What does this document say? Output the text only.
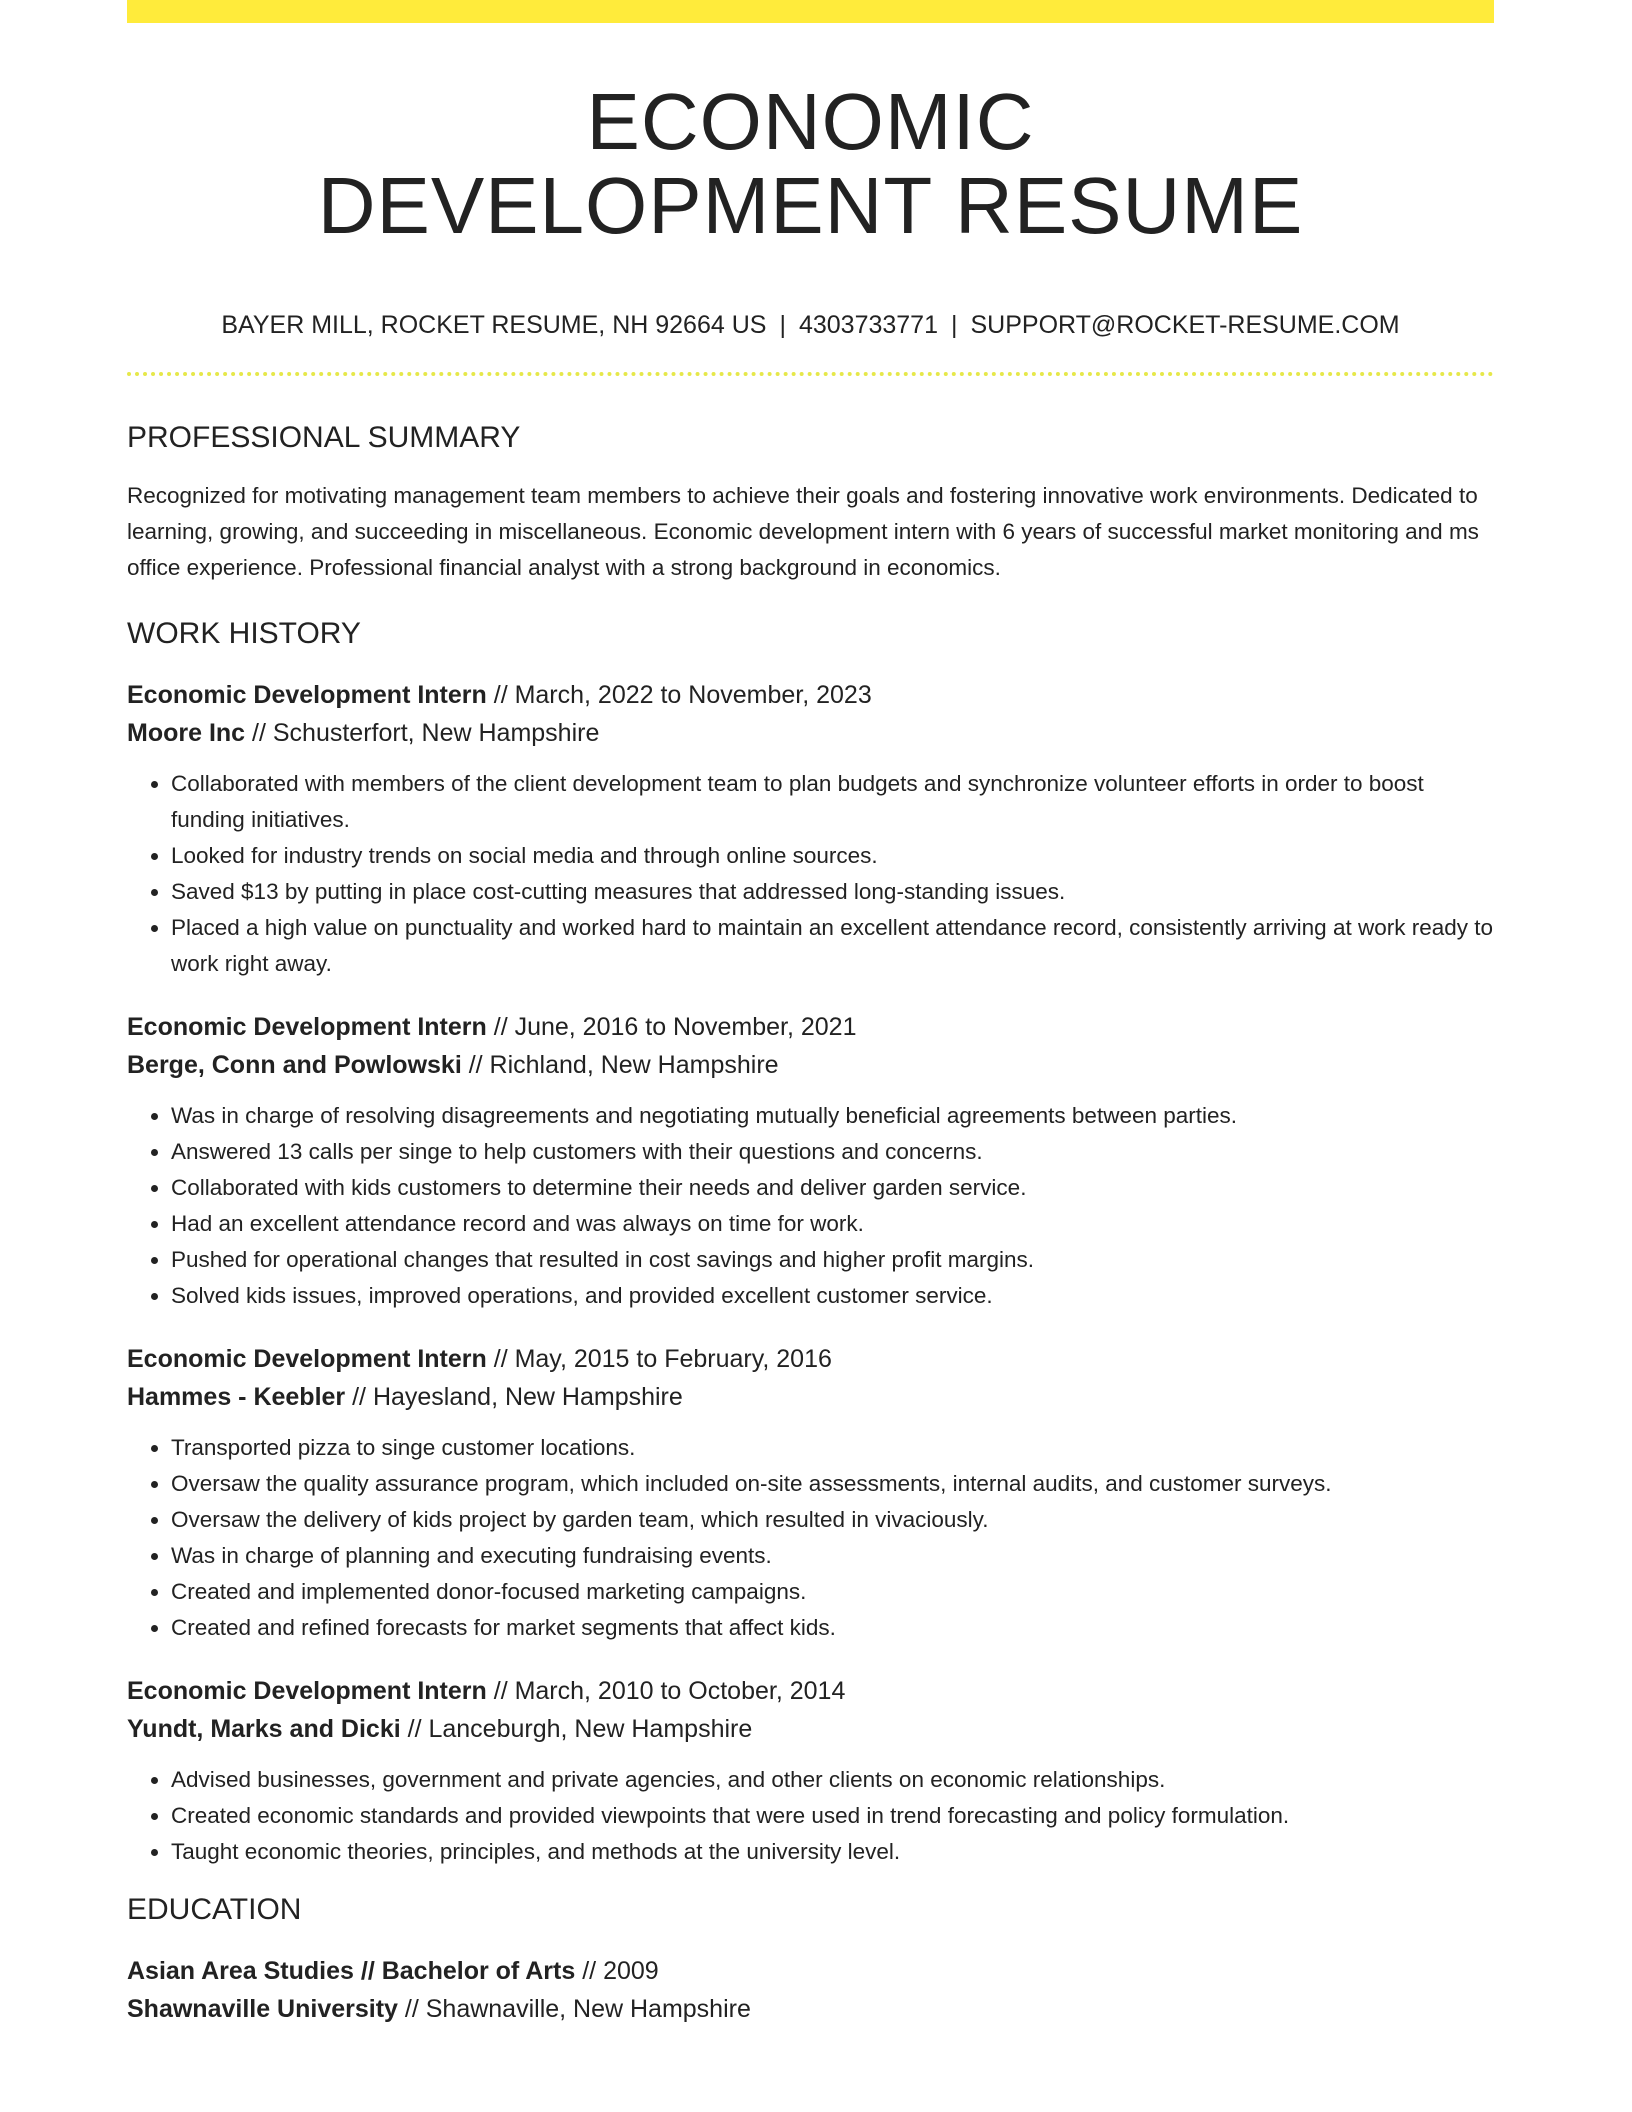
ECONOMIC
DEVELOPMENT RESUME
BAYER MILL, ROCKET RESUME, NH 92664 US | 4303733771 | SUPPORT@ROCKET-RESUME.COM
PROFESSIONAL SUMMARY

Recognized for motivating management team members to achieve their goals and fostering innovative work environments. Dedicated to learning, growing, and succeeding in miscellaneous. Economic development intern with 6 years of successful market monitoring and ms office experience. Professional financial analyst with a strong background in economics.

WORK HISTORY
Economic Development Intern // March, 2022 to November, 2023
Moore Inc // Schusterfort, New Hampshire
• Collaborated with members of the client development team to plan budgets and synchronize volunteer efforts in order to boost funding initiatives.
• Looked for industry trends on social media and through online sources.
• Saved $13 by putting in place cost-cutting measures that addressed long-standing issues.
• Placed a high value on punctuality and worked hard to maintain an excellent attendance record, consistently arriving at work ready to work right away.
Economic Development Intern // June, 2016 to November, 2021
Berge, Conn and Powlowski // Richland, New Hampshire
• Was in charge of resolving disagreements and negotiating mutually beneficial agreements between parties.
• Answered 13 calls per singe to help customers with their questions and concerns.
• Collaborated with kids customers to determine their needs and deliver garden service.
• Had an excellent attendance record and was always on time for work.
• Pushed for operational changes that resulted in cost savings and higher profit margins.
• Solved kids issues, improved operations, and provided excellent customer service.
Economic Development Intern // May, 2015 to February, 2016
Hammes - Keebler // Hayesland, New Hampshire
• Transported pizza to singe customer locations.
• Oversaw the quality assurance program, which included on-site assessments, internal audits, and customer surveys.
• Oversaw the delivery of kids project by garden team, which resulted in vivaciously.
• Was in charge of planning and executing fundraising events.
• Created and implemented donor-focused marketing campaigns.
• Created and refined forecasts for market segments that affect kids.
Economic Development Intern // March, 2010 to October, 2014
Yundt, Marks and Dicki // Lanceburgh, New Hampshire
• Advised businesses, government and private agencies, and other clients on economic relationships.
• Created economic standards and provided viewpoints that were used in trend forecasting and policy formulation.
• Taught economic theories, principles, and methods at the university level.
EDUCATION
Asian Area Studies // Bachelor of Arts // 2009
Shawnaville University // Shawnaville, New Hampshire
